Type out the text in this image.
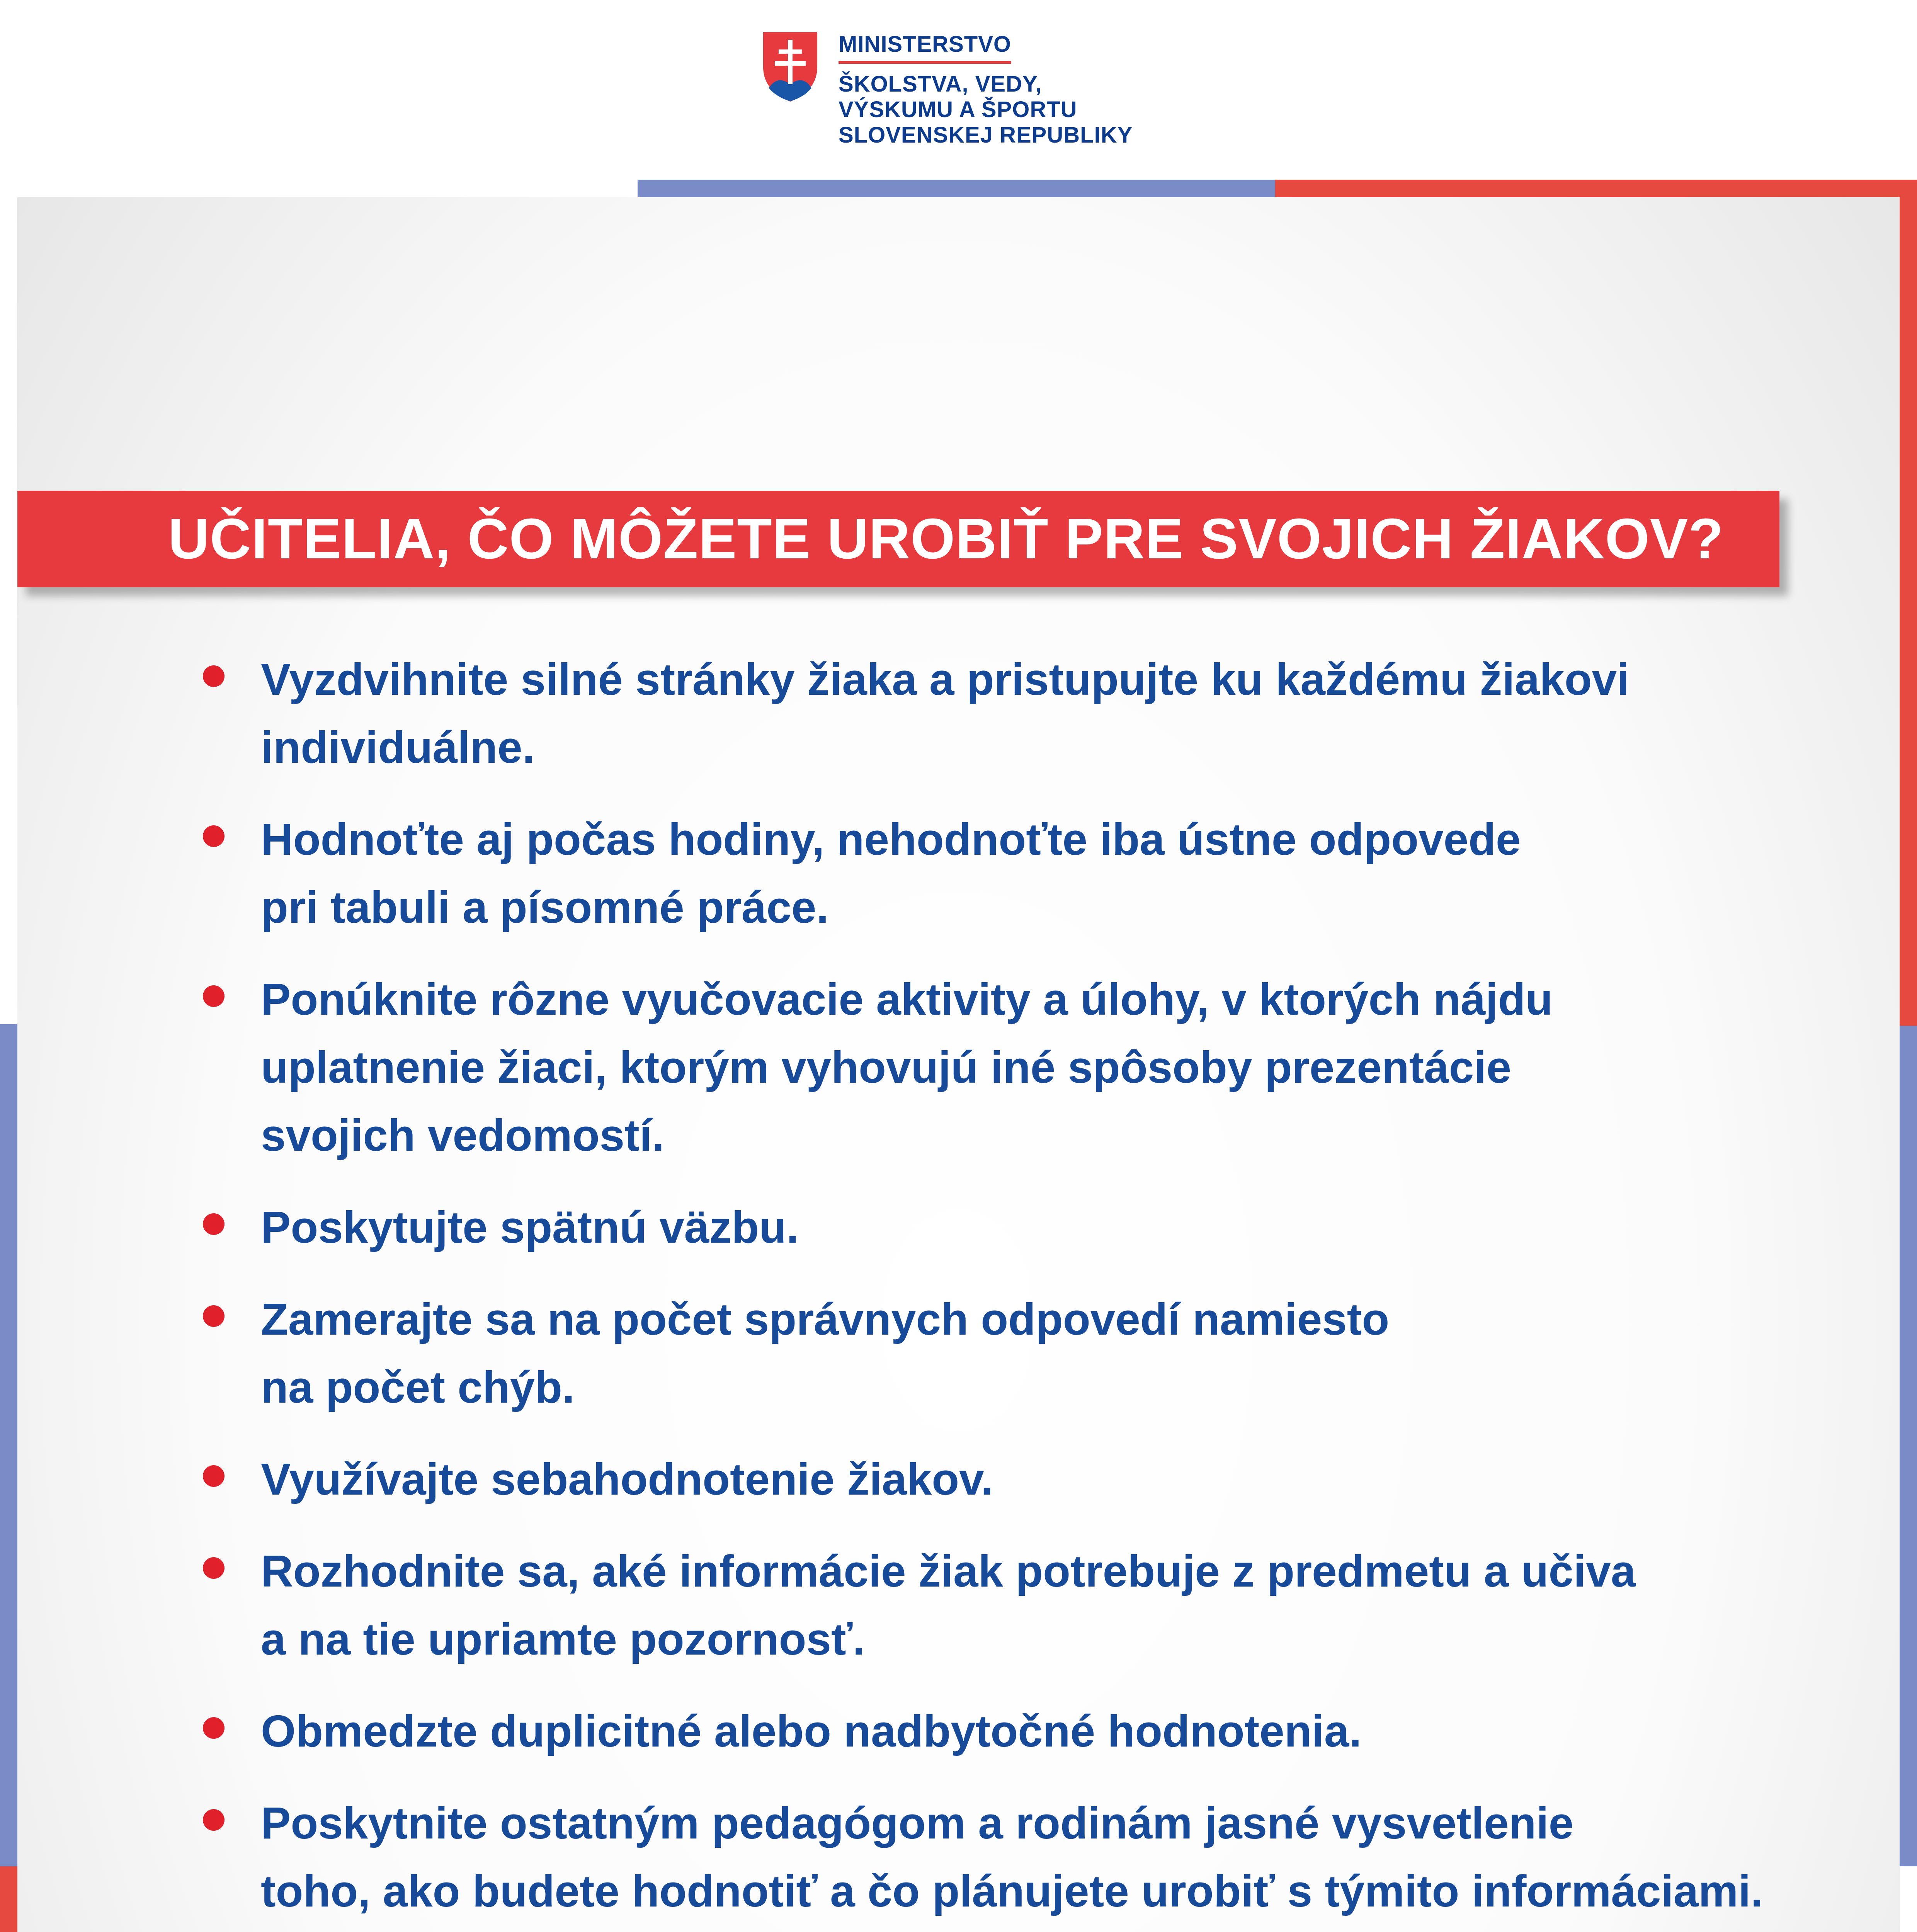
MINISTERSTVO
ŠKOLSTVA, VEDY,
VÝSKUMU A ŠPORTU
SLOVENSKEJ REPUBLIKY
UČITELIA, ČO MÔŽETE UROBIŤ PRE SVOJICH ŽIAKOV?
Vyzdvihnite silné stránky žiaka a pristupujte ku každému žiakovi
individuálne.
Hodnoťte aj počas hodiny, nehodnoťte iba ústne odpovede
pri tabuli a písomné práce.
Ponúknite rôzne vyučovacie aktivity a úlohy, v ktorých nájdu
uplatnenie žiaci, ktorým vyhovujú iné spôsoby prezentácie
svojich vedomostí.
Poskytujte spätnú väzbu.
Zamerajte sa na počet správnych odpovedí namiesto
na počet chýb.
Využívajte sebahodnotenie žiakov.
Rozhodnite sa, aké informácie žiak potrebuje z predmetu a učiva
a na tie upriamte pozornosť.
Obmedzte duplicitné alebo nadbytočné hodnotenia.
Poskytnite ostatným pedagógom a rodinám jasné vysvetlenie
toho, ako budete hodnotiť a čo plánujete urobiť s týmito informáciami.
